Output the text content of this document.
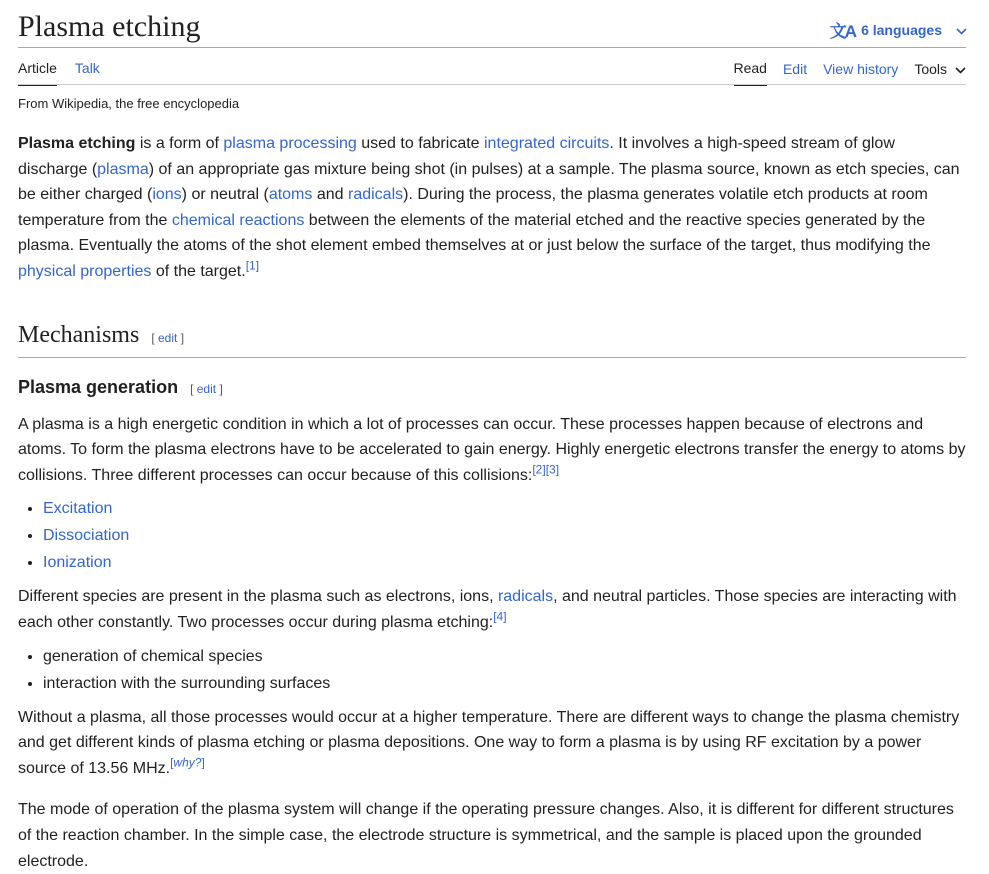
Plasma etching	文A 6 languages
Article Talk	Read Edit View history Tools
From Wikipedia, the free encyclopedia

Plasma etching is a form of plasma processing used to fabricate integrated circuits. It involves a high-speed stream of glow discharge (plasma) of an appropriate gas mixture being shot (in pulses) at a sample. The plasma source, known as etch species, can be either charged (ions) or neutral (atoms and radicals). During the process, the plasma generates volatile etch products at room temperature from the chemical reactions between the elements of the material etched and the reactive species generated by the plasma. Eventually the atoms of the shot element embed themselves at or just below the surface of the target, thus modifying the physical properties of the target.[1]

Mechanisms [ edit ]
Plasma generation [ edit ]

A plasma is a high energetic condition in which a lot of processes can occur. These processes happen because of electrons and atoms. To form the plasma electrons have to be accelerated to gain energy. Highly energetic electrons transfer the energy to atoms by collisions. Three different processes can occur because of this collisions:[2][3]

• Excitation
• Dissociation
• Ionization

Different species are present in the plasma such as electrons, ions, radicals, and neutral particles. Those species are interacting with each other constantly. Two processes occur during plasma etching:[4]

• generation of chemical species
• interaction with the surrounding surfaces

Without a plasma, all those processes would occur at a higher temperature. There are different ways to change the plasma chemistry and get different kinds of plasma etching or plasma depositions. One way to form a plasma is by using RF excitation by a power source of 13.56 MHz.[why?]

The mode of operation of the plasma system will change if the operating pressure changes. Also, it is different for different structures of the reaction chamber. In the simple case, the electrode structure is symmetrical, and the sample is placed upon the grounded electrode.
